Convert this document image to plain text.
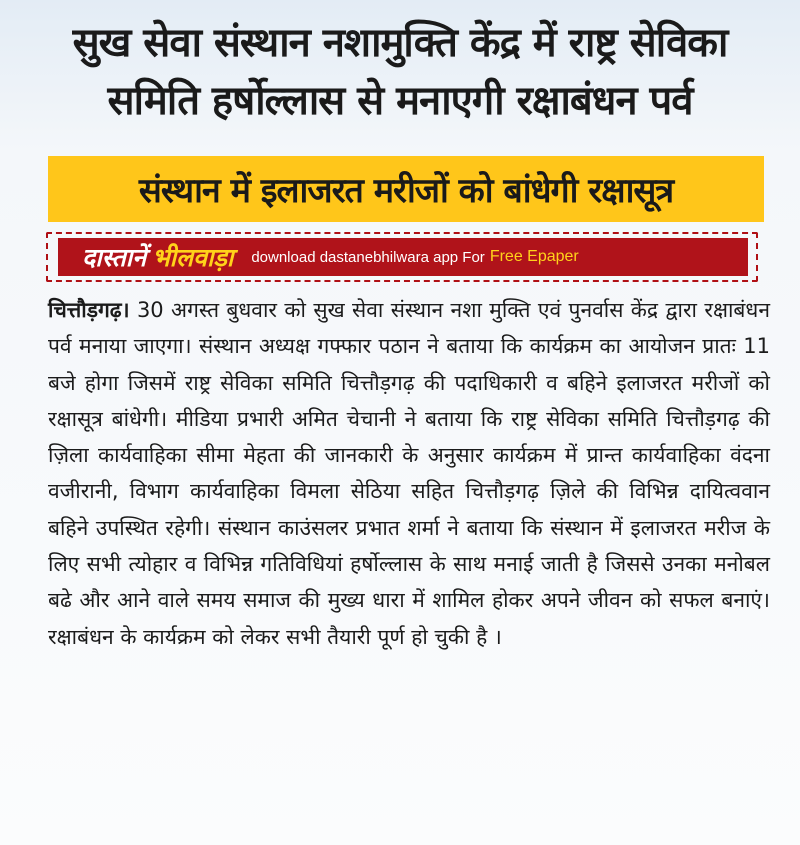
सुख सेवा संस्थान नशामुक्ति केंद्र में राष्ट्र सेविका
समिति हर्षोल्लास से मनाएगी रक्षाबंधन पर्व
संस्थान में इलाजरत मरीजों को बांधेगी रक्षासूत्र
दास्तानें भीलवाड़ा download dastanebhilwara app For Free Epaper
चित्तौड़गढ़। 30 अगस्त बुधवार को सुख सेवा संस्थान नशा मुक्ति एवं पुनर्वास केंद्र द्वारा रक्षाबंधन पर्व मनाया जाएगा। संस्थान अध्यक्ष गफ्फार पठान ने बताया कि कार्यक्रम का आयोजन प्रातः 11 बजे होगा जिसमें राष्ट्र सेविका समिति चित्तौड़गढ़ की पदाधिकारी व बहिने इलाजरत मरीजों को रक्षासूत्र बांधेगी। मीडिया प्रभारी अमित चेचानी ने बताया कि राष्ट्र सेविका समिति चित्तौड़गढ़ की ज़िला कार्यवाहिका सीमा मेहता की जानकारी के अनुसार कार्यक्रम में प्रान्त कार्यवाहिका वंदना वजीरानी, विभाग कार्यवाहिका विमला सेठिया सहित चित्तौड़गढ़ ज़िले की विभिन्न दायित्ववान बहिने उपस्थित रहेगी। संस्थान काउंसलर प्रभात शर्मा ने बताया कि संस्थान में इलाजरत मरीज के लिए सभी त्योहार व विभिन्न गतिविधियां हर्षोल्लास के साथ मनाई जाती है जिससे उनका मनोबल बढे और आने वाले समय समाज की मुख्य धारा में शामिल होकर अपने जीवन को सफल बनाएं। रक्षाबंधन के कार्यक्रम को लेकर सभी तैयारी पूर्ण हो चुकी है ।
